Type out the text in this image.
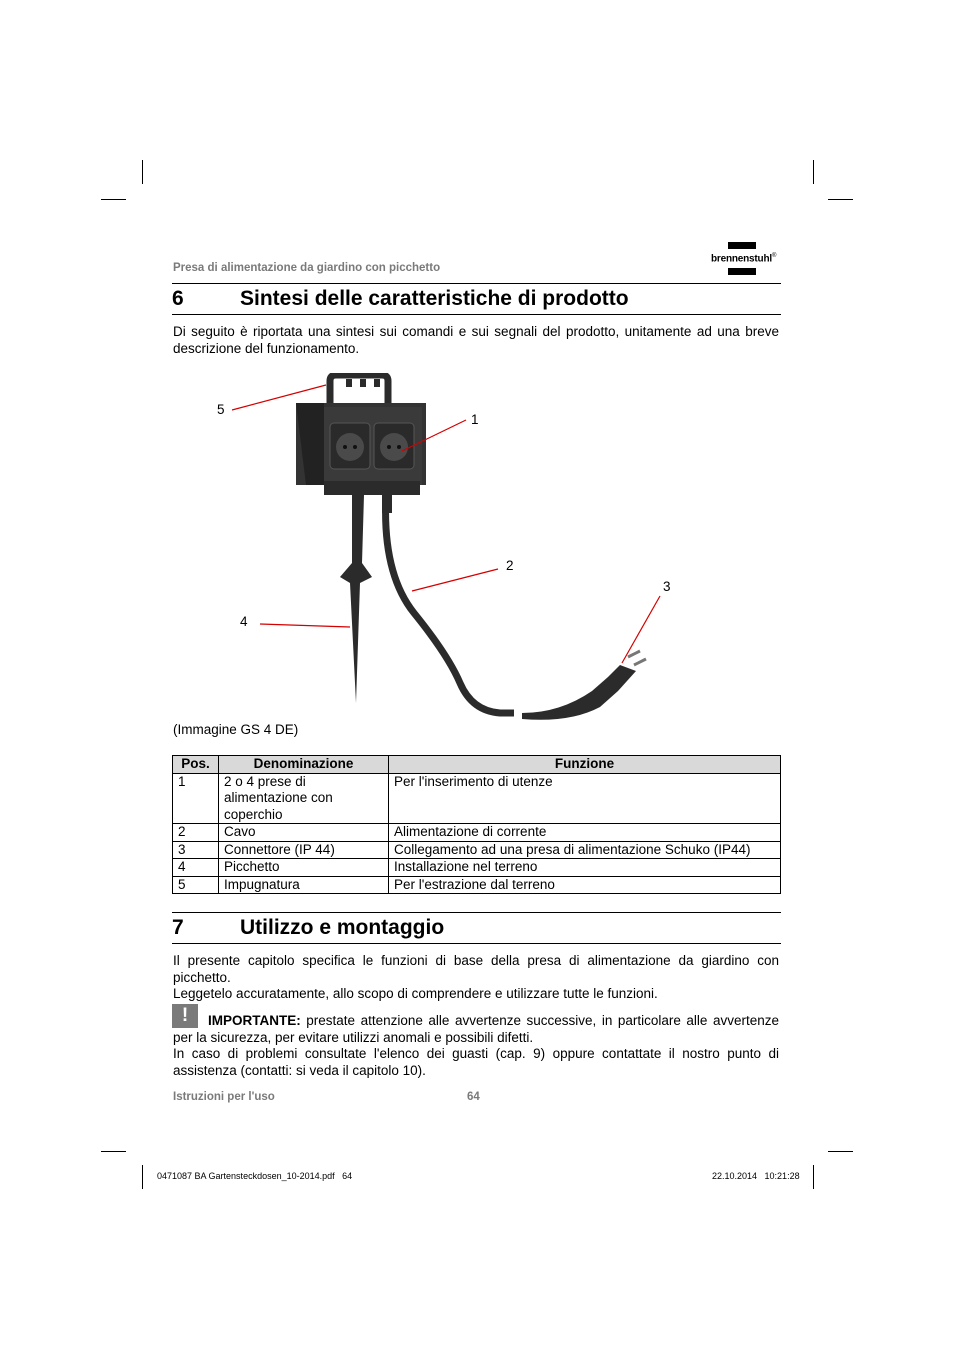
Presa di alimentazione da giardino con picchetto
brennenstuhl®
6	Sintesi delle caratteristiche di prodotto
Di seguito è riportata una sintesi sui comandi e sui segnali del prodotto, unitamente ad una breve descrizione del funzionamento.
5
1
2
3
4
(Immagine GS 4 DE)
Pos.	Denominazione	Funzione
1	2 o 4 prese di alimentazione con coperchio	Per l'inserimento di utenze
2	Cavo	Alimentazione di corrente
3	Connettore (IP 44)	Collegamento ad una presa di alimentazione Schuko (IP44)
4	Picchetto	Installazione nel terreno
5	Impugnatura	Per l'estrazione dal terreno
7	Utilizzo e montaggio
Il presente capitolo specifica le funzioni di base della presa di alimentazione da giardino con picchetto.
Leggetelo accuratamente, allo scopo di comprendere e utilizzare tutte le funzioni.
!	IMPORTANTE: prestate attenzione alle avvertenze successive, in particolare alle avvertenze per la sicurezza, per evitare utilizzi anomali e possibili difetti.
In caso di problemi consultate l'elenco dei guasti (cap. 9) oppure contattate il nostro punto di assistenza (contatti: si veda il capitolo 10).
Istruzioni per l'uso	64
0471087 BA Gartensteckdosen_10-2014.pdf   64	22.10.2014   10:21:28
